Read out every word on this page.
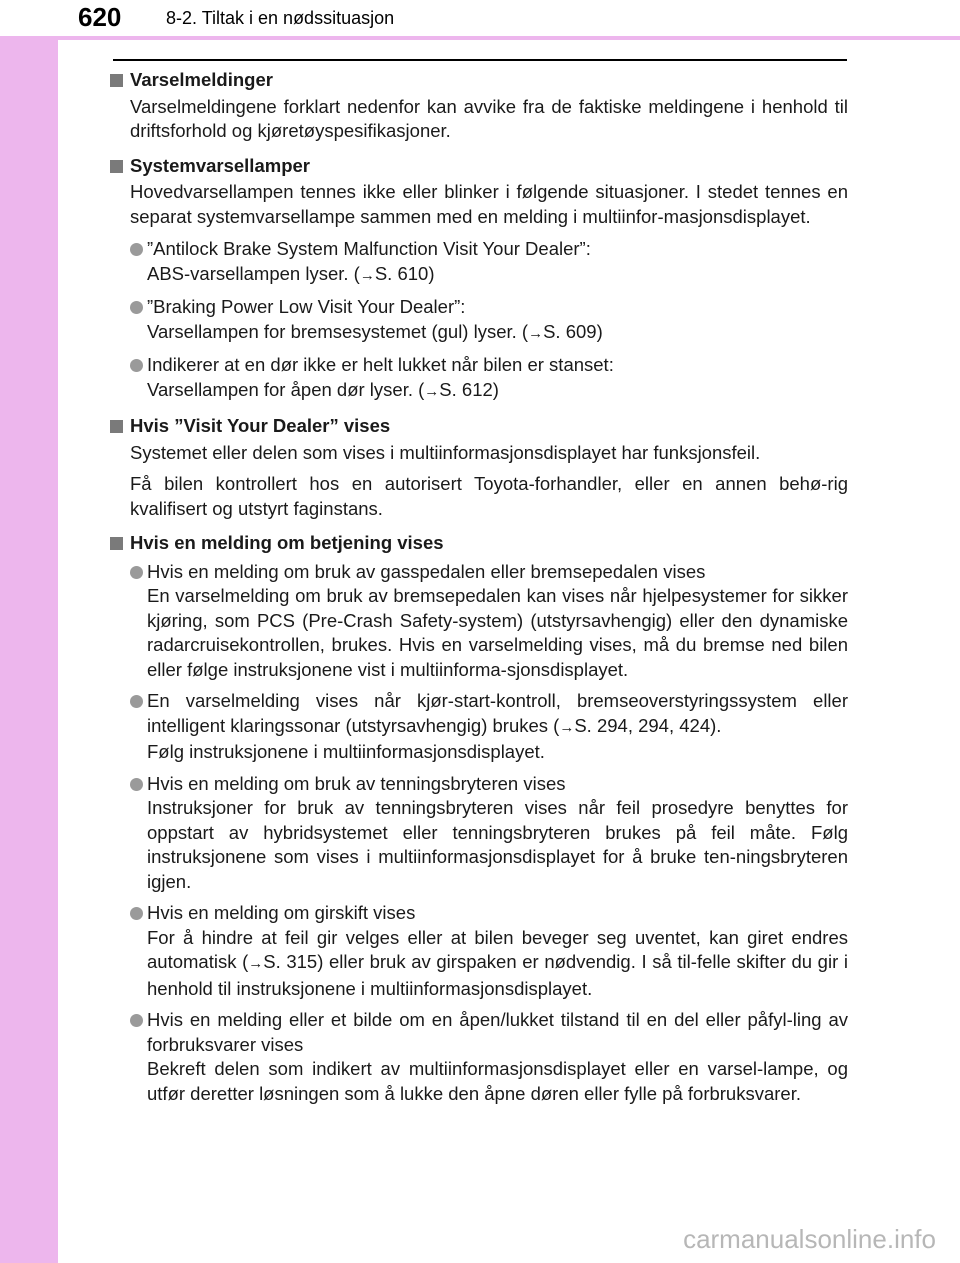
620 8-2. Tiltak i en nødssituasjon
Varselmeldinger
Varselmeldingene forklart nedenfor kan avvike fra de faktiske meldingene i henhold til driftsforhold og kjøretøyspesifikasjoner.
Systemvarsellamper
Hovedvarsellampen tennes ikke eller blinker i følgende situasjoner. I stedet tennes en separat systemvarsellampe sammen med en melding i multiinfor-masjonsdisplayet.
”Antilock Brake System Malfunction Visit Your Dealer”:
ABS-varsellampen lyser. (→S. 610)
”Braking Power Low Visit Your Dealer”:
Varsellampen for bremsesystemet (gul) lyser. (→S. 609)
Indikerer at en dør ikke er helt lukket når bilen er stanset:
Varsellampen for åpen dør lyser. (→S. 612)
Hvis ”Visit Your Dealer” vises
Systemet eller delen som vises i multiinformasjonsdisplayet har funksjonsfeil.
Få bilen kontrollert hos en autorisert Toyota-forhandler, eller en annen behø-rig kvalifisert og utstyrt faginstans.
Hvis en melding om betjening vises
Hvis en melding om bruk av gasspedalen eller bremsepedalen vises
En varselmelding om bruk av bremsepedalen kan vises når hjelpesystemer for sikker kjøring, som PCS (Pre-Crash Safety-system) (utstyrsavhengig) eller den dynamiske radarcruisekontrollen, brukes. Hvis en varselmelding vises, må du bremse ned bilen eller følge instruksjonene vist i multiinforma-sjonsdisplayet.
En varselmelding vises når kjør-start-kontroll, bremseoverstyringssystem eller intelligent klaringssonar (utstyrsavhengig) brukes (→S. 294, 294, 424).
Følg instruksjonene i multiinformasjonsdisplayet.
Hvis en melding om bruk av tenningsbryteren vises
Instruksjoner for bruk av tenningsbryteren vises når feil prosedyre benyttes for oppstart av hybridsystemet eller tenningsbryteren brukes på feil måte. Følg instruksjonene som vises i multiinformasjonsdisplayet for å bruke ten-ningsbryteren igjen.
Hvis en melding om girskift vises
For å hindre at feil gir velges eller at bilen beveger seg uventet, kan giret endres automatisk (→S. 315) eller bruk av girspaken er nødvendig. I så til-felle skifter du gir i henhold til instruksjonene i multiinformasjonsdisplayet.
Hvis en melding eller et bilde om en åpen/lukket tilstand til en del eller påfyl-ling av forbruksvarer vises
Bekreft delen som indikert av multiinformasjonsdisplayet eller en varsel-lampe, og utfør deretter løsningen som å lukke den åpne døren eller fylle på forbruksvarer.
carmanualsonline.info
